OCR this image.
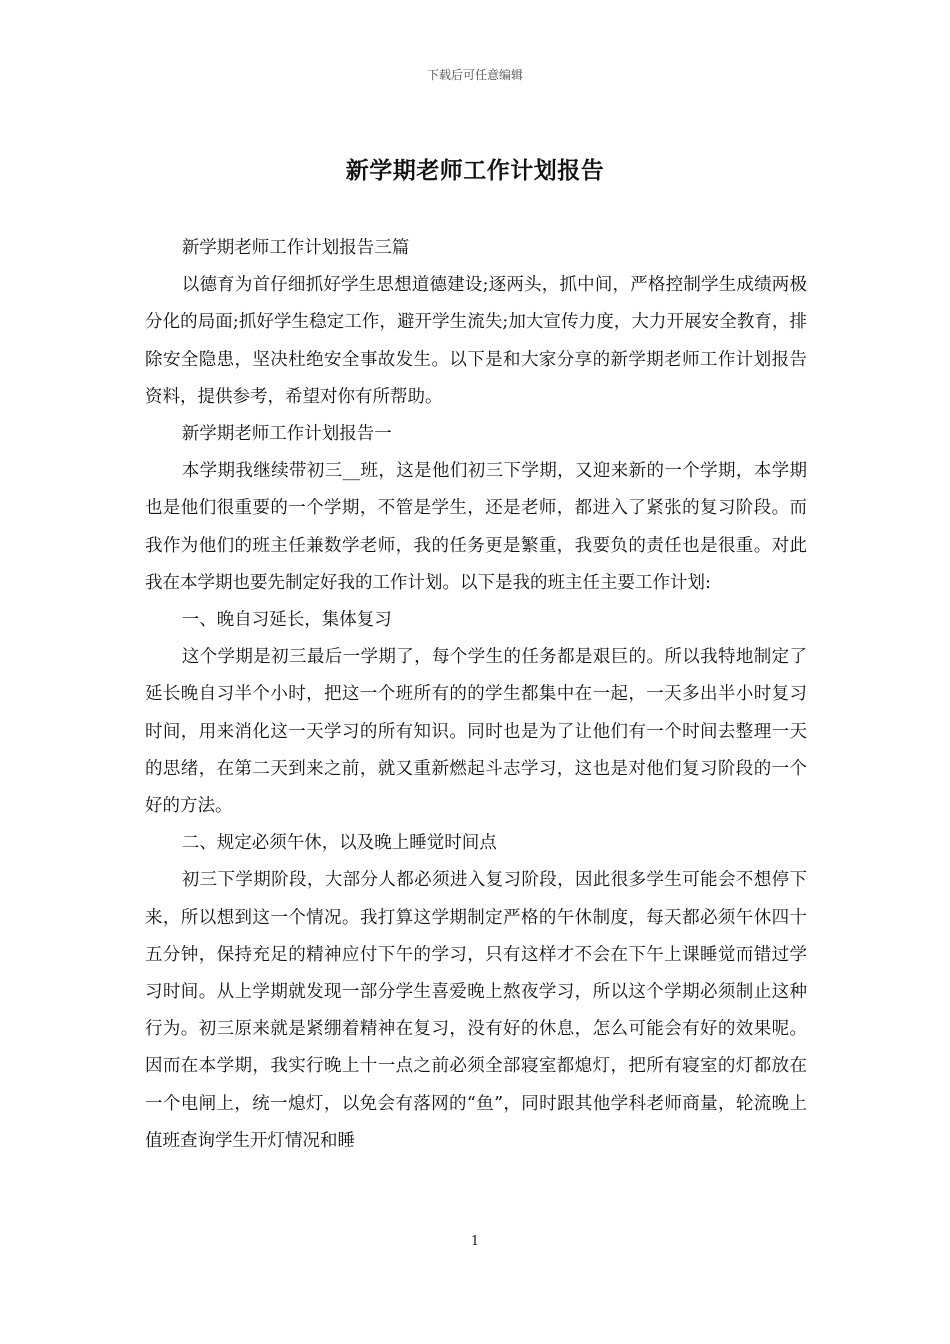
下载后可任意编辑
新学期老师工作计划报告

新学期老师工作计划报告三篇

以德育为首仔细抓好学生思想道德建设;逐两头，抓中间，严格控制学生成绩两极分化的局面;抓好学生稳定工作，避开学生流失;加大宣传力度，大力开展安全教育，排除安全隐患，坚决杜绝安全事故发生。以下是和大家分享的新学期老师工作计划报告资料，提供参考，希望对你有所帮助。

新学期老师工作计划报告一

本学期我继续带初三__班，这是他们初三下学期，又迎来新的一个学期，本学期也是他们很重要的一个学期，不管是学生，还是老师，都进入了紧张的复习阶段。而我作为他们的班主任兼数学老师，我的任务更是繁重，我要负的责任也是很重。对此我在本学期也要先制定好我的工作计划。以下是我的班主任主要工作计划:

一、晚自习延长，集体复习

这个学期是初三最后一学期了，每个学生的任务都是艰巨的。所以我特地制定了延长晚自习半个小时，把这一个班所有的的学生都集中在一起，一天多出半小时复习时间，用来消化这一天学习的所有知识。同时也是为了让他们有一个时间去整理一天的思绪，在第二天到来之前，就又重新燃起斗志学习，这也是对他们复习阶段的一个好的方法。

二、规定必须午休，以及晚上睡觉时间点

初三下学期阶段，大部分人都必须进入复习阶段，因此很多学生可能会不想停下来，所以想到这一个情况。我打算这学期制定严格的午休制度，每天都必须午休四十五分钟，保持充足的精神应付下午的学习，只有这样才不会在下午上课睡觉而错过学习时间。从上学期就发现一部分学生喜爱晚上熬夜学习，所以这个学期必须制止这种行为。初三原来就是紧绷着精神在复习，没有好的休息，怎么可能会有好的效果呢。因而在本学期，我实行晚上十一点之前必须全部寝室都熄灯，把所有寝室的灯都放在一个电闸上，统一熄灯，以免会有落网的“鱼”，同时跟其他学科老师商量，轮流晚上值班查询学生开灯情况和睡

1
